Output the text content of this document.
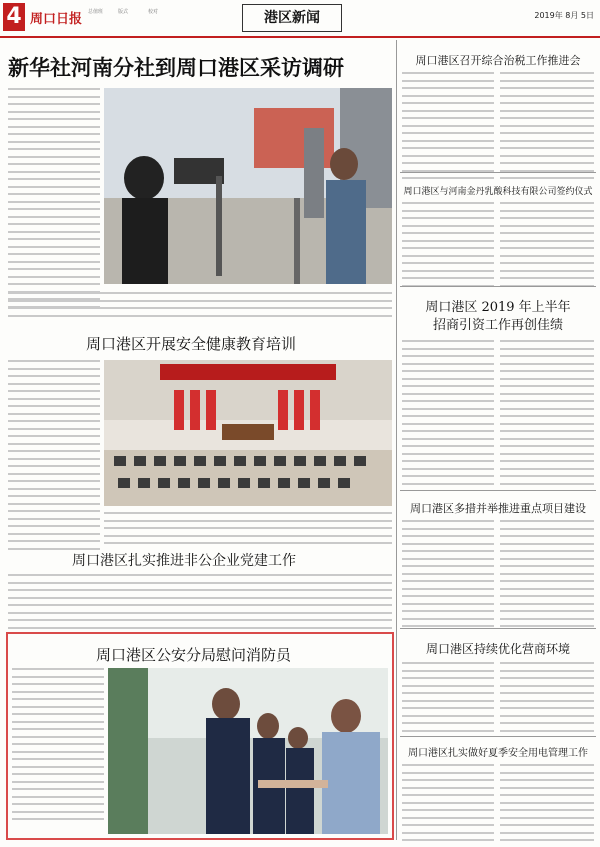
4 周口日报 总值班	版式	校对	港区新闻	2019年 8月 5日
新华社河南分社到周口港区采访调研
周口港区开展安全健康教育培训
周口港区扎实推进非公企业党建工作
周口港区公安分局慰问消防员
周口港区召开综合治税工作推进会
周口港区与河南金丹乳酸科技有限公司签约仪式
周口港区 2019 年上半年
招商引资工作再创佳绩
周口港区多措并举推进重点项目建设
周口港区持续优化营商环境
周口港区扎实做好夏季安全用电管理工作
